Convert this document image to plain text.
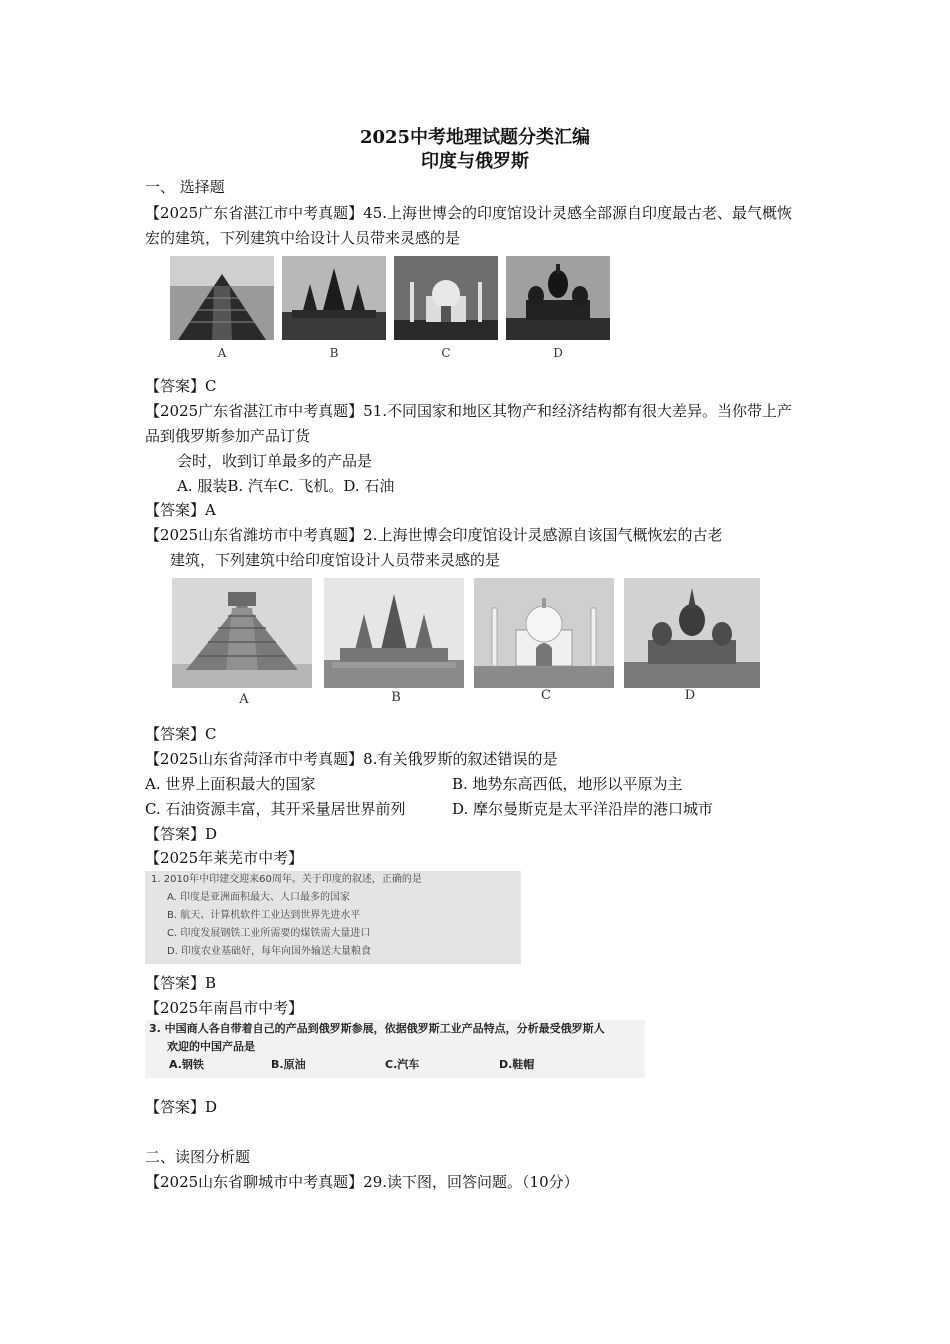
2025中考地理试题分类汇编
印度与俄罗斯
一、 选择题
【2025广东省湛江市中考真题】45.上海世博会的印度馆设计灵感全部源自印度最古老、最气概恢
宏的建筑，下列建筑中给设计人员带来灵感的是
A	B	C	D
【答案】C
【2025广东省湛江市中考真题】51.不同国家和地区其物产和经济结构都有很大差异。当你带上产
品到俄罗斯参加产品订货
会时，收到订单最多的产品是
A. 服装B. 汽车C. 飞机。D. 石油
【答案】A
【2025山东省潍坊市中考真题】2.上海世博会印度馆设计灵感源自该国气概恢宏的古老
建筑，下列建筑中给印度馆设计人员带来灵感的是
A	B	C	D
【答案】C
【2025山东省菏泽市中考真题】8.有关俄罗斯的叙述错误的是
A. 世界上面积最大的国家	B. 地势东高西低，地形以平原为主
C. 石油资源丰富，其开采量居世界前列	D. 摩尔曼斯克是太平洋沿岸的港口城市
【答案】D
【2025年莱芜市中考】
1. 2010年中印建交迎来60周年。关于印度的叙述，正确的是
A. 印度是亚洲面积最大、人口最多的国家
B. 航天、计算机软件工业达到世界先进水平
C. 印度发展钢铁工业所需要的煤铁需大量进口
D. 印度农业基础好，每年向国外输送大量粮食
【答案】B
【2025年南昌市中考】
3. 中国商人各自带着自己的产品到俄罗斯参展，依据俄罗斯工业产品特点，分析最受俄罗斯人
欢迎的中国产品是
A.钢铁	B.原油	C.汽车	D.鞋帽
【答案】D
二、读图分析题
【2025山东省聊城市中考真题】29.读下图，回答问题。（10分）
